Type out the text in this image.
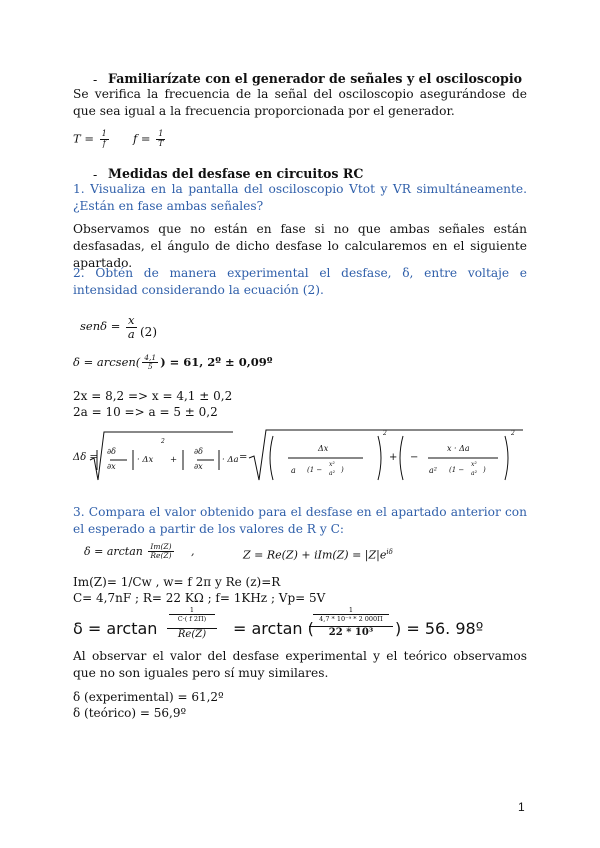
- Familiarízate con el generador de señales y el osciloscopio
Se verifica la frecuencia de la señal del osciloscopio asegurándose de que sea igual a la frecuencia proporcionada por el generador.
$T = \frac{1}{f}$ $f = \frac{1}{T}$
- Medidas del desfase en circuitos RC
1. Visualiza en la pantalla del osciloscopio Vtot y VR simultáneamente. ¿Están en fase ambas señales?
Observamos que no están en fase si no que ambas señales están desfasadas, el ángulo de dicho desfase lo calcularemos en el siguiente apartado.
2. Obtén de manera experimental el desfase, δ, entre voltaje e intensidad considerando la ecuación (2).
$sen\delta = \frac{x}{a} (2)$
δ = arcsen( $\frac{4,1}{5}$ ) = 61, 2º ± 0,09º
2x = 8,2 => x = 4,1 ± 0,2
2a = 10 => a = 5 ± 0,2
Δδ =
∂δ
∂x
· Δx +
∂δ
∂x
· Δa
2
=
Δx
a (1 −
x²
a² )
2
+ −
x · Δa
a² (1 −
x²
a² )
2
3. Compara el valor obtenido para el desfase en el apartado anterior con el esperado a partir de los valores de R y C:
$\delta = \arctan \frac{Im(Z)}{Re(Z)}$ ,	$Z = Re(Z) + iIm(Z) = |Z|e^{i\delta}$
Im(Z)= 1/Cw , w= f 2π y Re (z)=R
C= 4,7nF ; R= 22 KΩ ; f= 1KHz ; Vp= 5V
δ = arctan
1
C·( f 2Π)
Re(Z)	= arctan (
1
4,7 * 10⁻⁹ * 2 000Π
22 * 10³	) = 56. 98º
Al observar el valor del desfase experimental y el teórico observamos que no son iguales pero sí muy similares.
δ (experimental) = 61,2º
δ (teórico) = 56,9º
1
